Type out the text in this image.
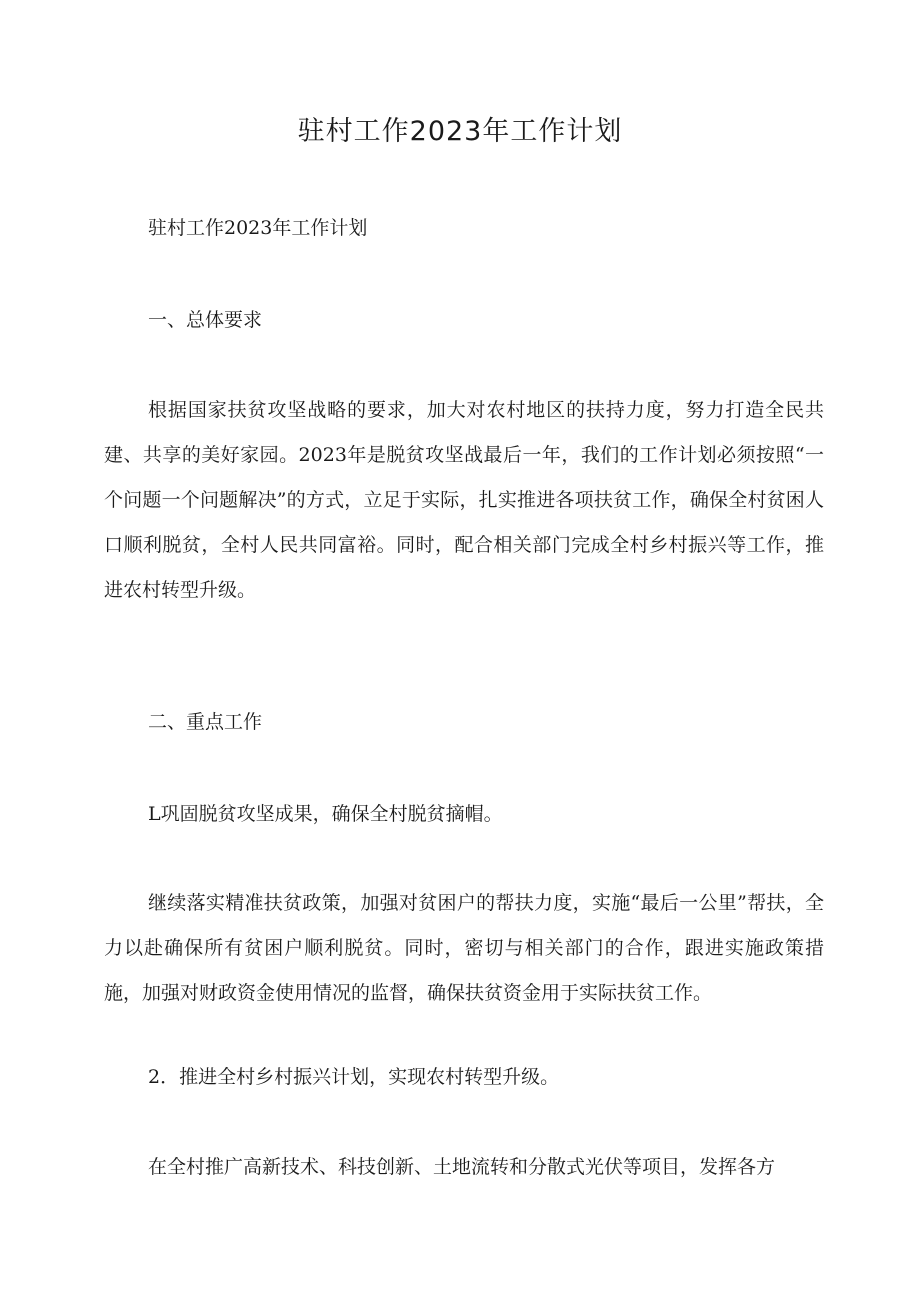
驻村工作2023年工作计划
驻村工作2023年工作计划
一、总体要求
根据国家扶贫攻坚战略的要求，加大对农村地区的扶持力度，努力打造全民共建、共享的美好家园。2023年是脱贫攻坚战最后一年，我们的工作计划必须按照“一个问题一个问题解决”的方式，立足于实际，扎实推进各项扶贫工作，确保全村贫困人口顺利脱贫，全村人民共同富裕。同时，配合相关部门完成全村乡村振兴等工作，推进农村转型升级。
二、重点工作
L巩固脱贫攻坚成果，确保全村脱贫摘帽。
继续落实精准扶贫政策，加强对贫困户的帮扶力度，实施“最后一公里”帮扶，全力以赴确保所有贫困户顺利脱贫。同时，密切与相关部门的合作，跟进实施政策措施，加强对财政资金使用情况的监督，确保扶贫资金用于实际扶贫工作。
2．推进全村乡村振兴计划，实现农村转型升级。
在全村推广高新技术、科技创新、土地流转和分散式光伏等项目，发挥各方
